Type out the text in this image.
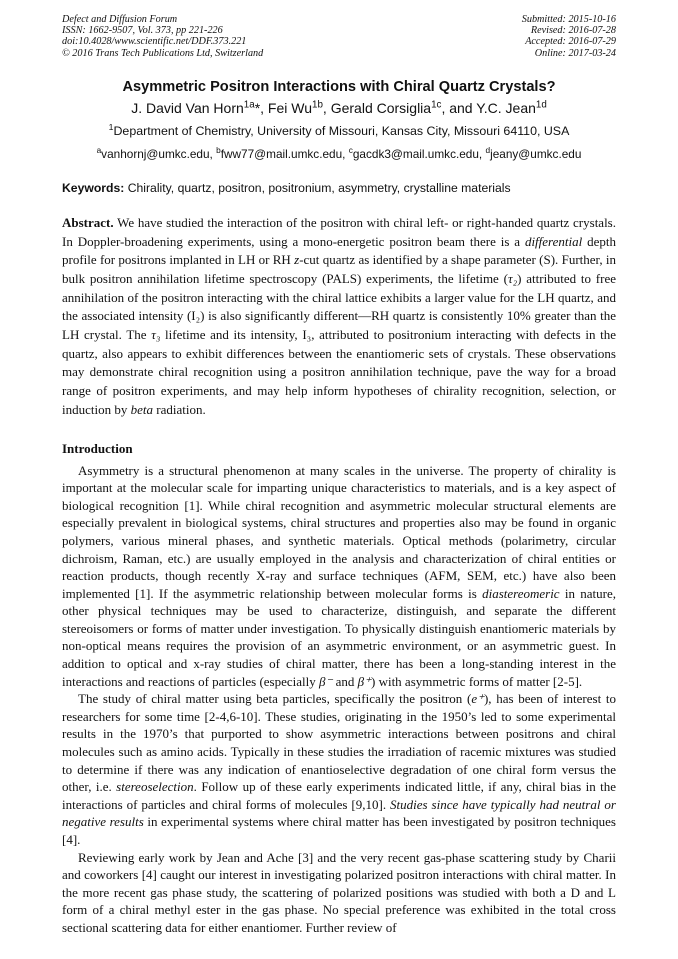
Defect and Diffusion Forum
ISSN: 1662-9507, Vol. 373, pp 221-226
doi:10.4028/www.scientific.net/DDF.373.221
© 2016 Trans Tech Publications Ltd, Switzerland
Submitted: 2015-10-16
Revised: 2016-07-28
Accepted: 2016-07-29
Online: 2017-03-24
Asymmetric Positron Interactions with Chiral Quartz Crystals?
J. David Van Horn$^{1a}$*, Fei $Wu^{1b}$, Gerald Corsiglia$^{1c}$, and Y.C. Jean$^{1d}$
$^1$Department of Chemistry, University of Missouri, Kansas City, Missouri 64110, USA
$^a$vanhornj@umkc.edu, $^b$fww77@mail.umkc.edu, $^c$gacdk3@mail.umkc.edu, $^d$jeany@umkc.edu
Keywords: Chirality, quartz, positron, positronium, asymmetry, crystalline materials

Abstract. We have studied the interaction of the positron with chiral left- or right-handed quartz crystals. In Doppler-broadening experiments, using a mono-energetic positron beam there is a differential depth profile for positrons implanted in LH or RH z-cut quartz as identified by a shape parameter (S). Further, in bulk positron annihilation lifetime spectroscopy (PALS) experiments, the lifetime (τ₂) attributed to free annihilation of the positron interacting with the chiral lattice exhibits a larger value for the LH quartz, and the associated intensity (I₂) is also significantly different—RH quartz is consistently 10% greater than the LH crystal. The τ₃ lifetime and its intensity, I₃, attributed to positronium interacting with defects in the quartz, also appears to exhibit differences between the enantiomeric sets of crystals. These observations may demonstrate chiral recognition using a positron annihilation technique, pave the way for a broad range of positron experiments, and may help inform hypotheses of chirality recognition, selection, or induction by beta radiation.

Introduction

Asymmetry is a structural phenomenon at many scales in the universe. The property of chirality is important at the molecular scale for imparting unique characteristics to materials, and is a key aspect of biological recognition [1]. While chiral recognition and asymmetric molecular structural elements are especially prevalent in biological systems, chiral structures and properties also may be found in organic polymers, various mineral phases, and synthetic materials. Optical methods (polarimetry, circular dichroism, Raman, etc.) are usually employed in the analysis and characterization of chiral entities or reaction products, though recently X-ray and surface techniques (AFM, SEM, etc.) have also been implemented [1]. If the asymmetric relationship between molecular forms is diastereomeric in nature, other physical techniques may be used to characterize, distinguish, and separate the different stereoisomers or forms of matter under investigation. To physically distinguish enantiomeric materials by non-optical means requires the provision of an asymmetric environment, or an asymmetric guest. In addition to optical and x-ray studies of chiral matter, there has been a long-standing interest in the interactions and reactions of particles (especially β⁻ and β⁺) with asymmetric forms of matter [2-5].

The study of chiral matter using beta particles, specifically the positron (e⁺), has been of interest to researchers for some time [2-4,6-10]. These studies, originating in the 1950’s led to some experimental results in the 1970’s that purported to show asymmetric interactions between positrons and chiral molecules such as amino acids. Typically in these studies the irradiation of racemic mixtures was studied to determine if there was any indication of enantioselective degradation of one chiral form versus the other, i.e. stereoselection. Follow up of these early experiments indicated little, if any, chiral bias in the interactions of particles and chiral forms of molecules [9,10]. Studies since have typically had neutral or negative results in experimental systems where chiral matter has been investigated by positron techniques [4].

Reviewing early work by Jean and Ache [3] and the very recent gas-phase scattering study by Charii and coworkers [4] caught our interest in investigating polarized positron interactions with chiral matter. In the more recent gas phase study, the scattering of polarized positions was studied with both a D and L form of a chiral methyl ester in the gas phase. No special preference was exhibited in the total cross sectional scattering data for either enantiomer. Further review of
